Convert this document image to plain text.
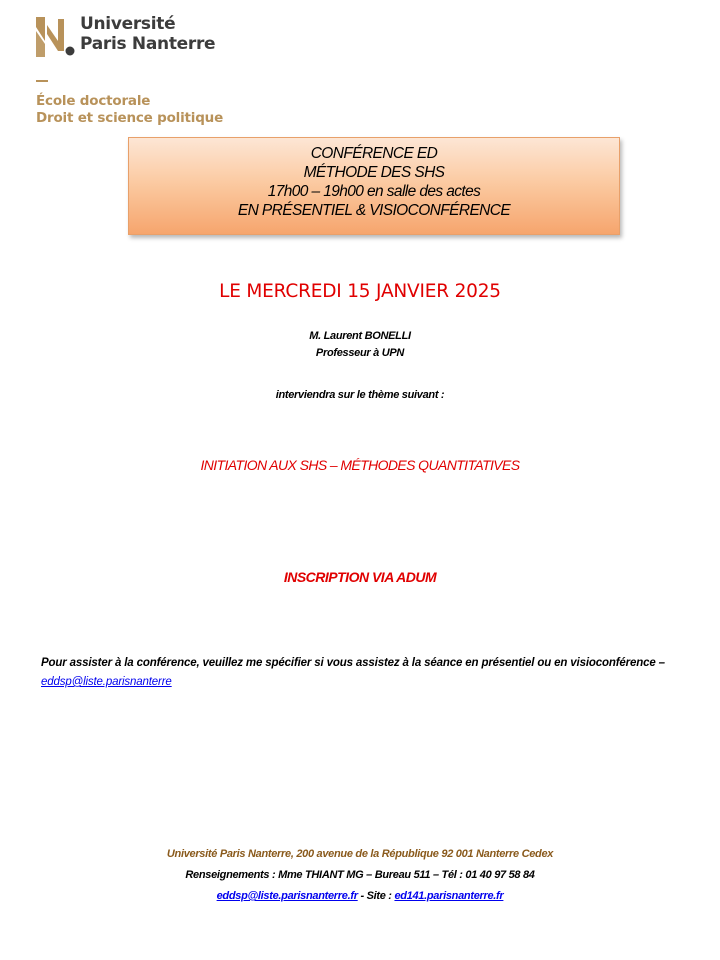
Université
Paris Nanterre
École doctorale
Droit et science politique
CONFÉRENCE ED
MÉTHODE DES SHS
17h00 – 19h00 en salle des actes
EN PRÉSENTIEL & VISIOCONFÉRENCE
LE MERCREDI 15 JANVIER 2025
M. Laurent BONELLI
Professeur à UPN
interviendra sur le thème suivant :
INITIATION AUX SHS – MÉTHODES QUANTITATIVES
INSCRIPTION VIA ADUM
Pour assister à la conférence, veuillez me spécifier si vous assistez à la séance en présentiel ou en visioconférence – eddsp@liste.parisnanterre
Université Paris Nanterre, 200 avenue de la République 92 001 Nanterre Cedex
Renseignements : Mme THIANT MG – Bureau 511 – Tél : 01 40 97 58 84
eddsp@liste.parisnanterre.fr - Site : ed141.parisnanterre.fr
